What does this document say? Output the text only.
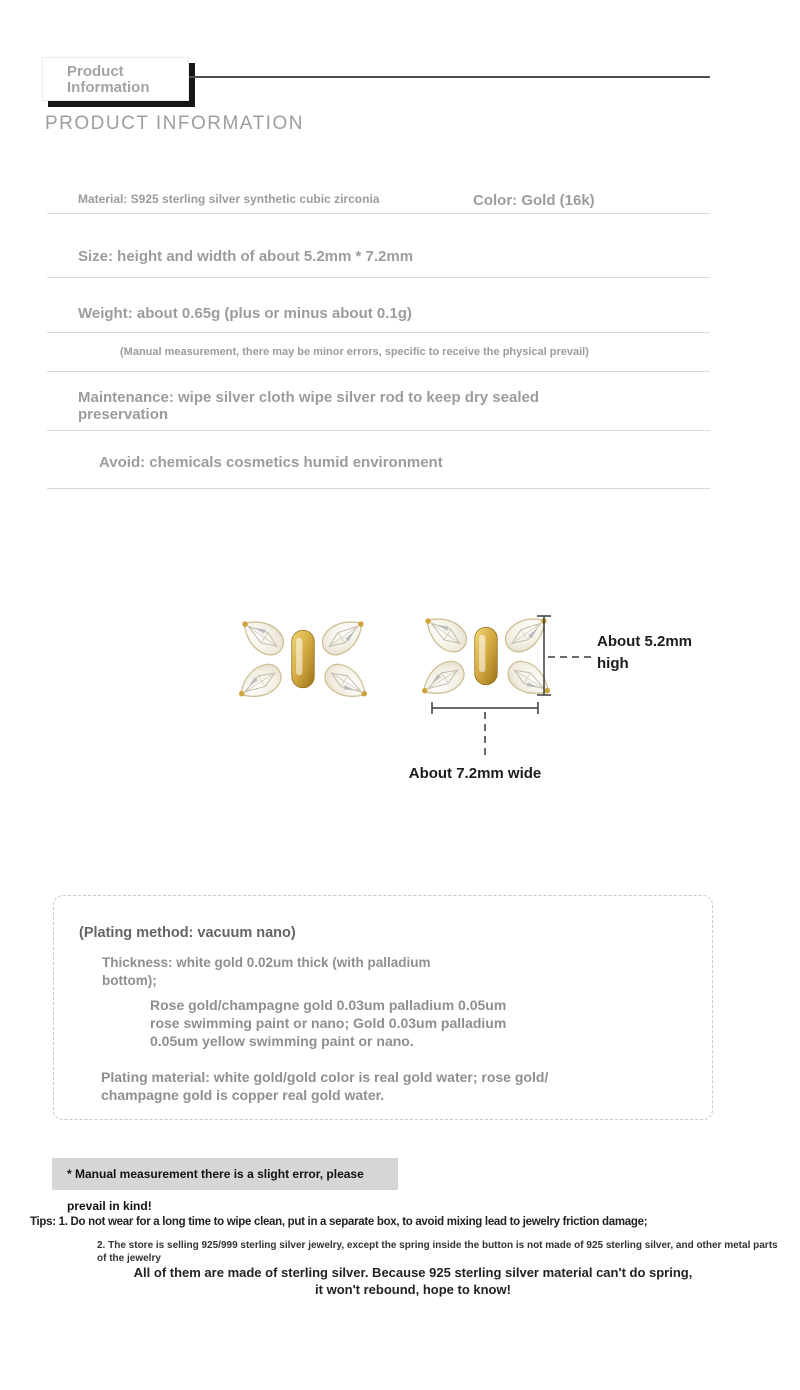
Product Information
PRODUCT INFORMATION
Material: S925 sterling silver synthetic cubic zirconia	Color: Gold (16k)
Size: height and width of about 5.2mm * 7.2mm
Weight: about 0.65g (plus or minus about 0.1g)
(Manual measurement, there may be minor errors, specific to receive the physical prevail)
Maintenance: wipe silver cloth wipe silver rod to keep dry sealed preservation
Avoid: chemicals cosmetics humid environment
About 5.2mm high
About 7.2mm wide
(Plating method: vacuum nano)
Thickness: white gold 0.02um thick (with palladium bottom);
Rose gold/champagne gold 0.03um palladium 0.05um rose swimming paint or nano; Gold 0.03um palladium 0.05um yellow swimming paint or nano.
Plating material: white gold/gold color is real gold water; rose gold/ champagne gold is copper real gold water.
* Manual measurement there is a slight error, please prevail in kind!
Tips: 1. Do not wear for a long time to wipe clean, put in a separate box, to avoid mixing lead to jewelry friction damage;
2. The store is selling 925/999 sterling silver jewelry, except the spring inside the button is not made of 925 sterling silver, and other metal parts of the jewelry
All of them are made of sterling silver. Because 925 sterling silver material can't do spring, it won't rebound, hope to know!
